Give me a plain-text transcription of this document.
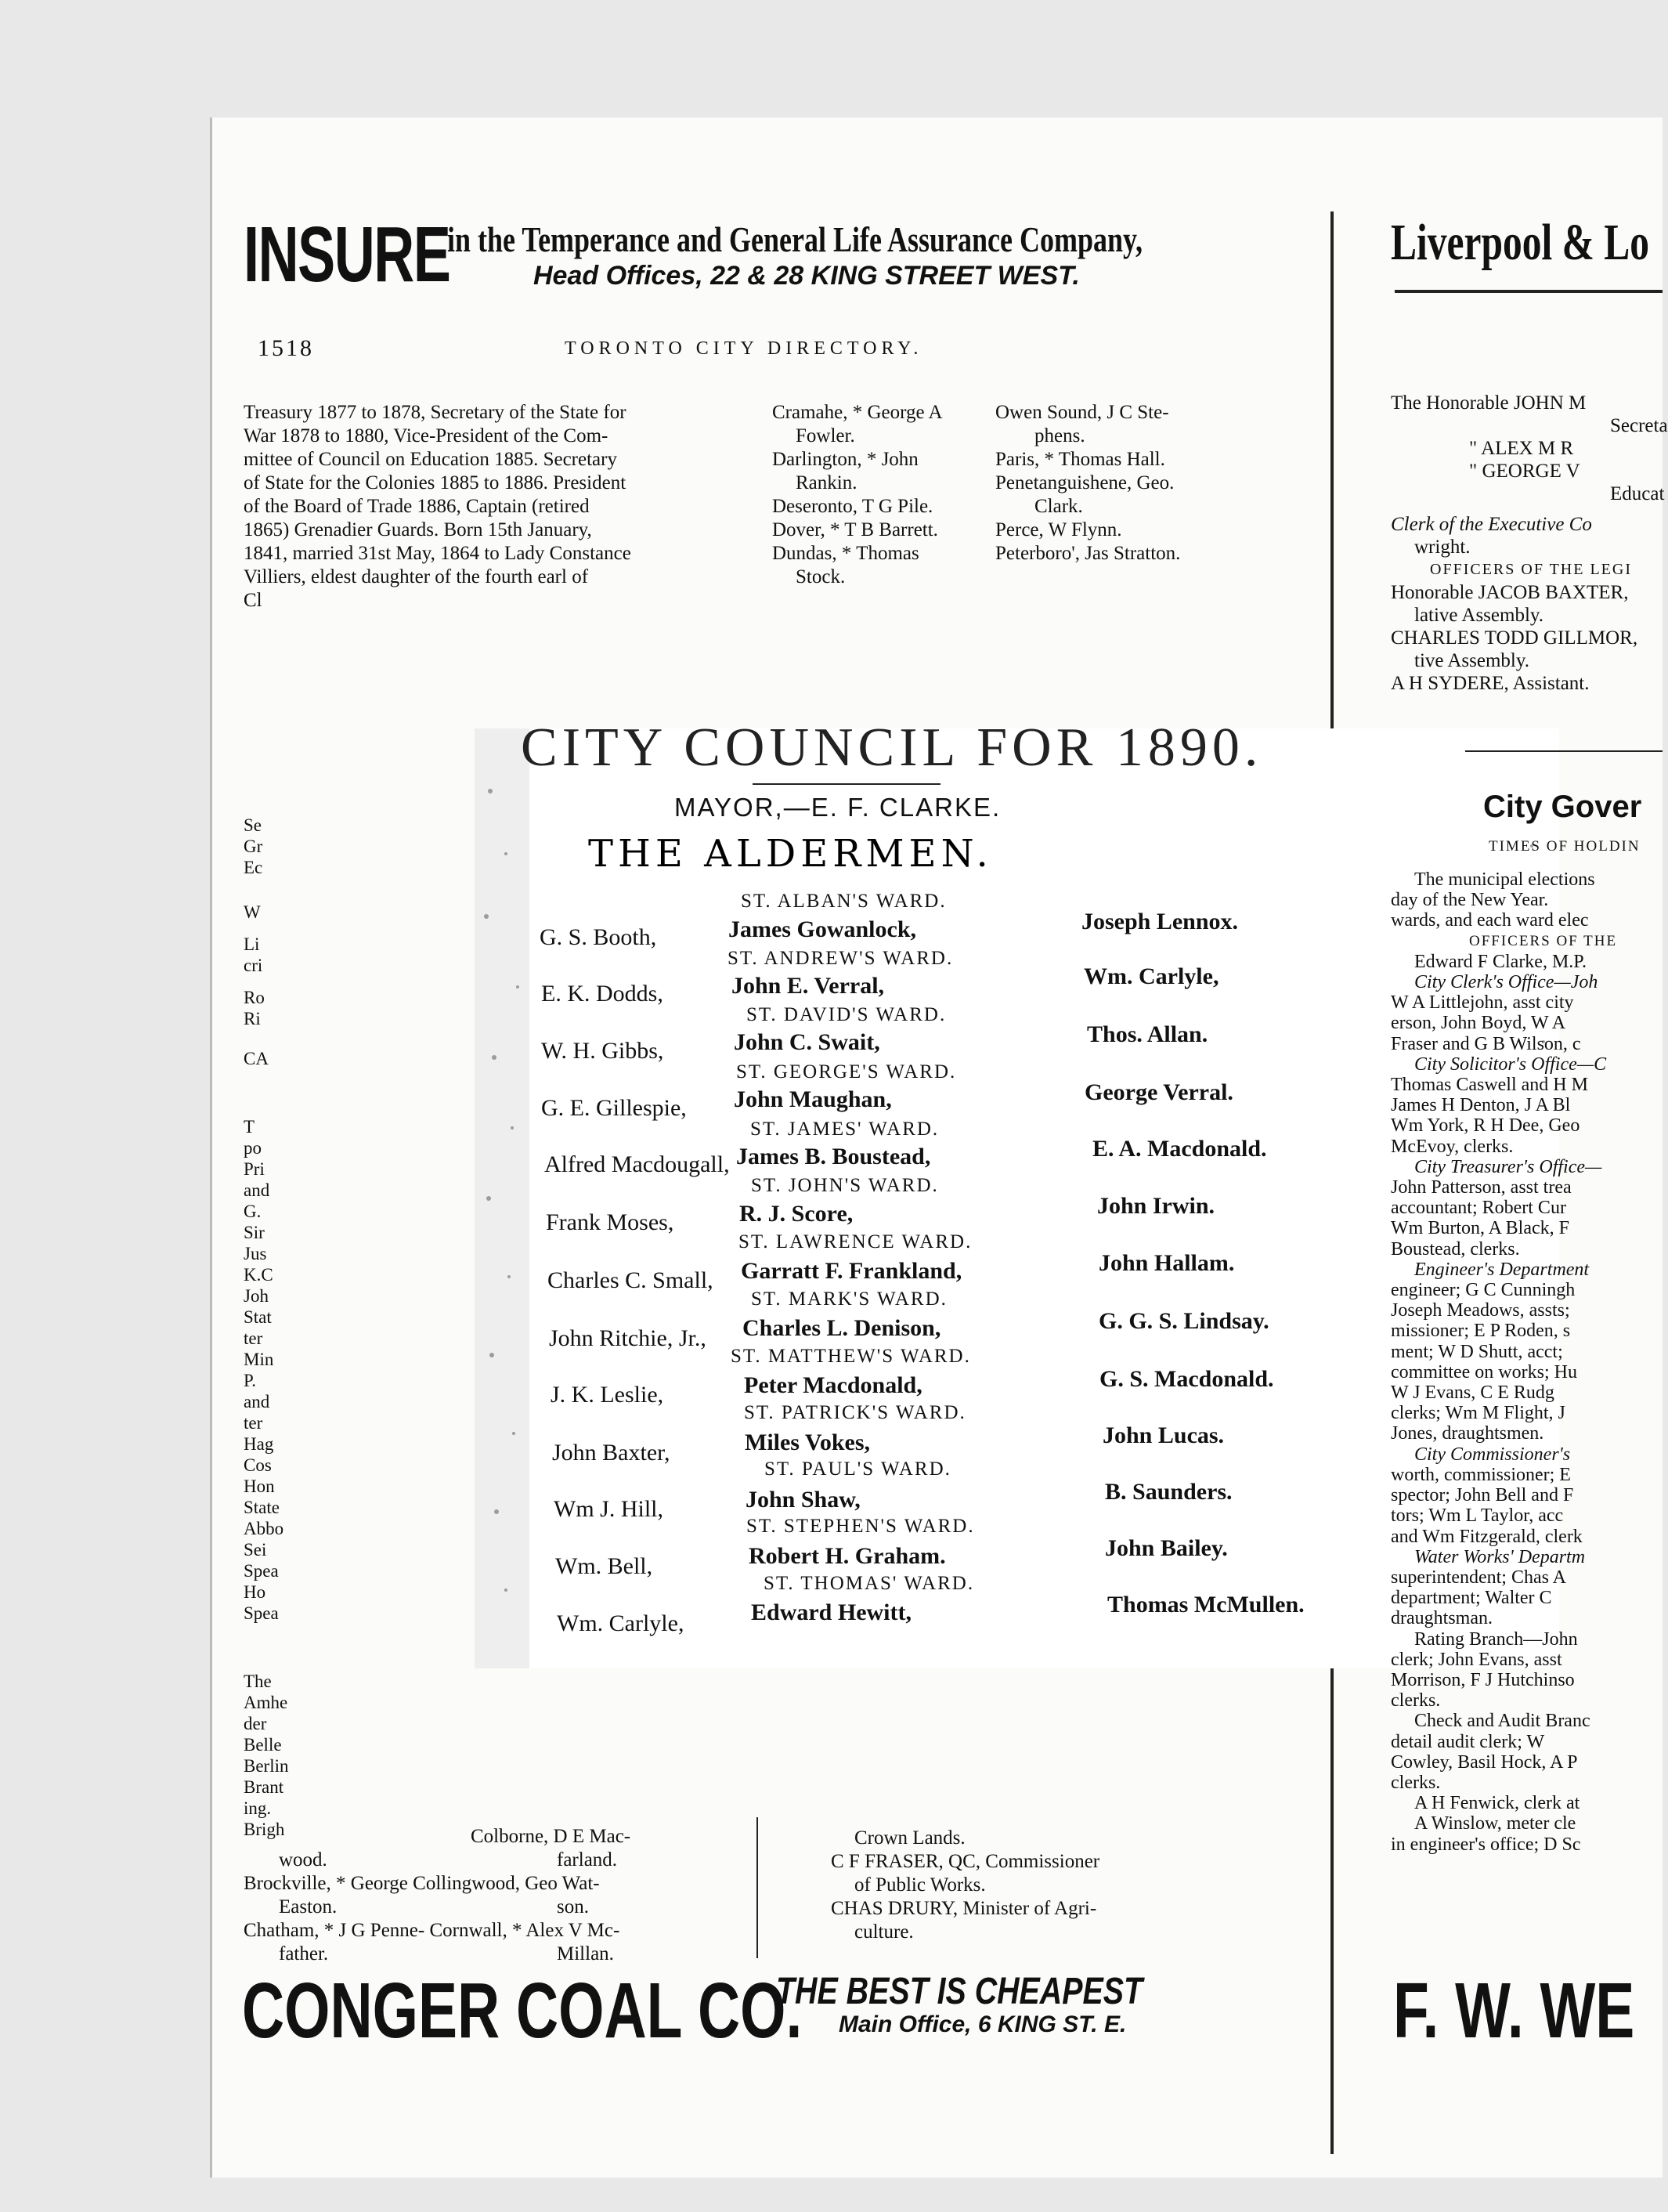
INSURE
in the Temperance and General Life Assurance Company,
Head Offices, 22 & 28 KING STREET WEST.
Liverpool & Lo
1518	TORONTO CITY DIRECTORY.
Treasury 1877 to 1878, Secretary of the State for
War 1878 to 1880, Vice-President of the Com-
mittee of Council on Education 1885. Secretary
of State for the Colonies 1885 to 1886. President
of the Board of Trade 1886, Captain (retired
1865) Grenadier Guards. Born 15th January,
1841, married 31st May, 1864 to Lady Constance
Villiers, eldest daughter of the fourth earl of
Cl
Cramahe, * George A
Fowler.
Darlington, * John
Rankin.
Deseronto, T G Pile.
Dover, * T B Barrett.
Dundas, * Thomas
Stock.
Owen Sound, J C Ste-
phens.
Paris, * Thomas Hall.
Penetanguishene, Geo.
Clark.
Perce, W Flynn.
Peterboro', Jas Stratton.
Se
Gr
Ec
W
Li
cri
Ro
Ri
CA
T
po
Pri
and
G.
Sir
Jus
K.C
Joh
Stat
ter
Min
P.
and
ter
Hag
Cos
Hon
State
Abbo
Sei
Spea
Ho
Spea
The
Amhe
der
Belle
Berlin
Brant
ing.
Brigh
CITY COUNCIL FOR 1890.
MAYOR,—E. F. CLARKE.
THE ALDERMEN.
ST. ALBAN'S WARD.
G. S. Booth,	James Gowanlock,	Joseph Lennox.
ST. ANDREW'S WARD.
E. K. Dodds,	John E. Verral,	Wm. Carlyle,
ST. DAVID'S WARD.
W. H. Gibbs,	John C. Swait,	Thos. Allan.
ST. GEORGE'S WARD.
G. E. Gillespie, John Maughan,	George Verral.
ST. JAMES' WARD.
Alfred Macdougall, James B. Boustead,	E. A. Macdonald.
ST. JOHN'S WARD.
Frank Moses,	R. J. Score,	John Irwin.
ST. LAWRENCE WARD.
Charles C. Small, Garratt F. Frankland,	John Hallam.
ST. MARK'S WARD.
John Ritchie, Jr., Charles L. Denison,	G. G. S. Lindsay.
ST. MATTHEW'S WARD.
J. K. Leslie,	Peter Macdonald,	G. S. Macdonald.
ST. PATRICK'S WARD.
John Baxter,	Miles Vokes,	John Lucas.
ST. PAUL'S WARD.
Wm J. Hill,	John Shaw,	B. Saunders.
ST. STEPHEN'S WARD.
Wm. Bell,	Robert H. Graham.	John Bailey.
ST. THOMAS' WARD.
Wm. Carlyle,	Edward Hewitt,	Thomas McMullen.
wood.
Brockville, * George Collingwood, Geo Wat-
Easton.
Chatham, * J G Penne- Cornwall, * Alex V Mc-
father.
Colborne, D E Mac-
farland.
son.
Millan.
Crown Lands.
C F FRASER, QC, Commissioner
of Public Works.
CHAS DRURY, Minister of Agri-
culture.
CONGER COAL CO.
THE BEST IS CHEAPEST
Main Office, 6 KING ST. E.	F. W. WE
The Honorable JOHN M
Secreta
" ALEX M R
" GEORGE V
Educat
Clerk of the Executive Co
wright.
OFFICERS OF THE LEGI
Honorable JACOB BAXTER,
lative Assembly.
CHARLES TODD GILLMOR,
tive Assembly.
A H SYDERE, Assistant.
City Gover
TIMES OF HOLDIN
The municipal elections
day of the New Year.
wards, and each ward elec
OFFICERS OF THE
Edward F Clarke, M.P.
City Clerk's Office—Joh
W A Littlejohn, asst city
erson, John Boyd, W A
Fraser and G B Wilson, c
City Solicitor's Office—C
Thomas Caswell and H M
James H Denton, J A Bl
Wm York, R H Dee, Geo
McEvoy, clerks.
City Treasurer's Office—
John Patterson, asst trea
accountant; Robert Cur
Wm Burton, A Black, F
Boustead, clerks.
Engineer's Department
engineer; G C Cunningh
Joseph Meadows, assts;
missioner; E P Roden, s
ment; W D Shutt, acct;
committee on works; Hu
W J Evans, C E Rudg
clerks; Wm M Flight, J
Jones, draughtsmen.
City Commissioner's
worth, commissioner; E
spector; John Bell and F
tors; Wm L Taylor, acc
and Wm Fitzgerald, clerk
Water Works' Departm
superintendent; Chas A
department; Walter C
draughtsman.
Rating Branch—John
clerk; John Evans, asst
Morrison, F J Hutchinso
clerks.
Check and Audit Branc
detail audit clerk; W
Cowley, Basil Hock, A P
clerks.
A H Fenwick, clerk at
A Winslow, meter cle
in engineer's office; D Sc
